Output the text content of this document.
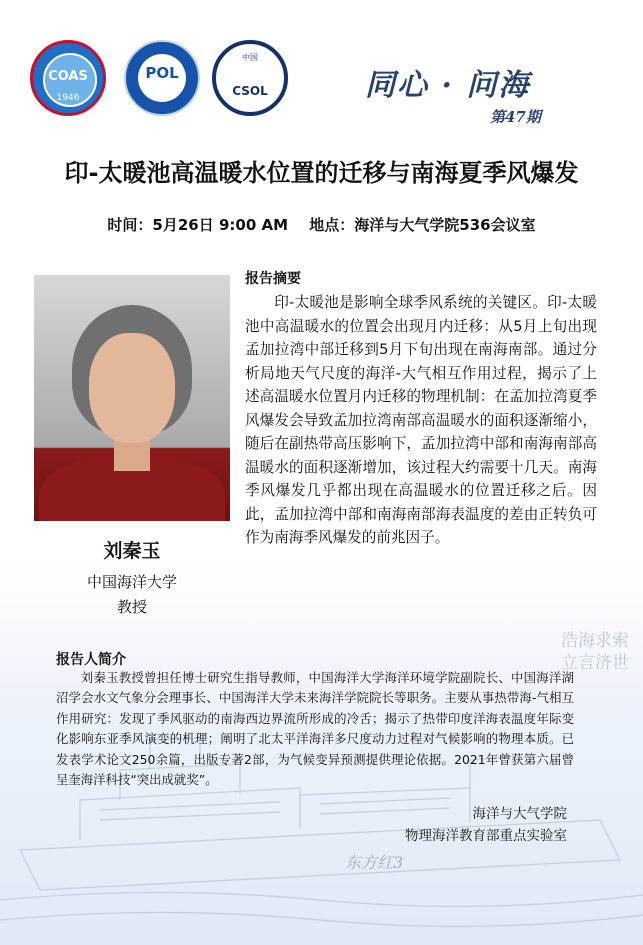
COAS
1946
POL
中国
CSOL	同心 · 问海
第47期
印-太暖池高温暖水位置的迁移与南海夏季风爆发
时间：5月26日 9:00 AM 地点：海洋与大气学院536会议室
刘秦玉
中国海洋大学
教授
报告摘要
印-太暖池是影响全球季风系统的关键区。印-太暖池中高温暖水的位置会出现月内迁移：从5月上旬出现孟加拉湾中部迁移到5月下旬出现在南海南部。通过分析局地天气尺度的海洋-大气相互作用过程，揭示了上述高温暖水位置月内迁移的物理机制：在孟加拉湾夏季风爆发会导致孟加拉湾南部高温暖水的面积逐渐缩小，随后在副热带高压影响下，孟加拉湾中部和南海南部高温暖水的面积逐渐增加，该过程大约需要十几天。南海季风爆发几乎都出现在高温暖水的位置迁移之后。因此，孟加拉湾中部和南海南部海表温度的差由正转负可作为南海季风爆发的前兆因子。
报告人简介
刘秦玉教授曾担任博士研究生指导教师，中国海洋大学海洋环境学院副院长、中国海洋湖沼学会水文气象分会理事长、中国海洋大学未来海洋学院院长等职务。主要从事热带海-气相互作用研究：发现了季风驱动的南海西边界流所形成的冷舌；揭示了热带印度洋海表温度年际变化影响东亚季风演变的机理；阐明了北太平洋海洋多尺度动力过程对气候影响的物理本质。已发表学术论文250余篇，出版专著2部，为气候变异预测提供理论依据。2021年曾获第六届曾呈奎海洋科技“突出成就奖”。
海洋与大气学院
物理海洋教育部重点实验室
浩海求索 立言济世
东方红3
